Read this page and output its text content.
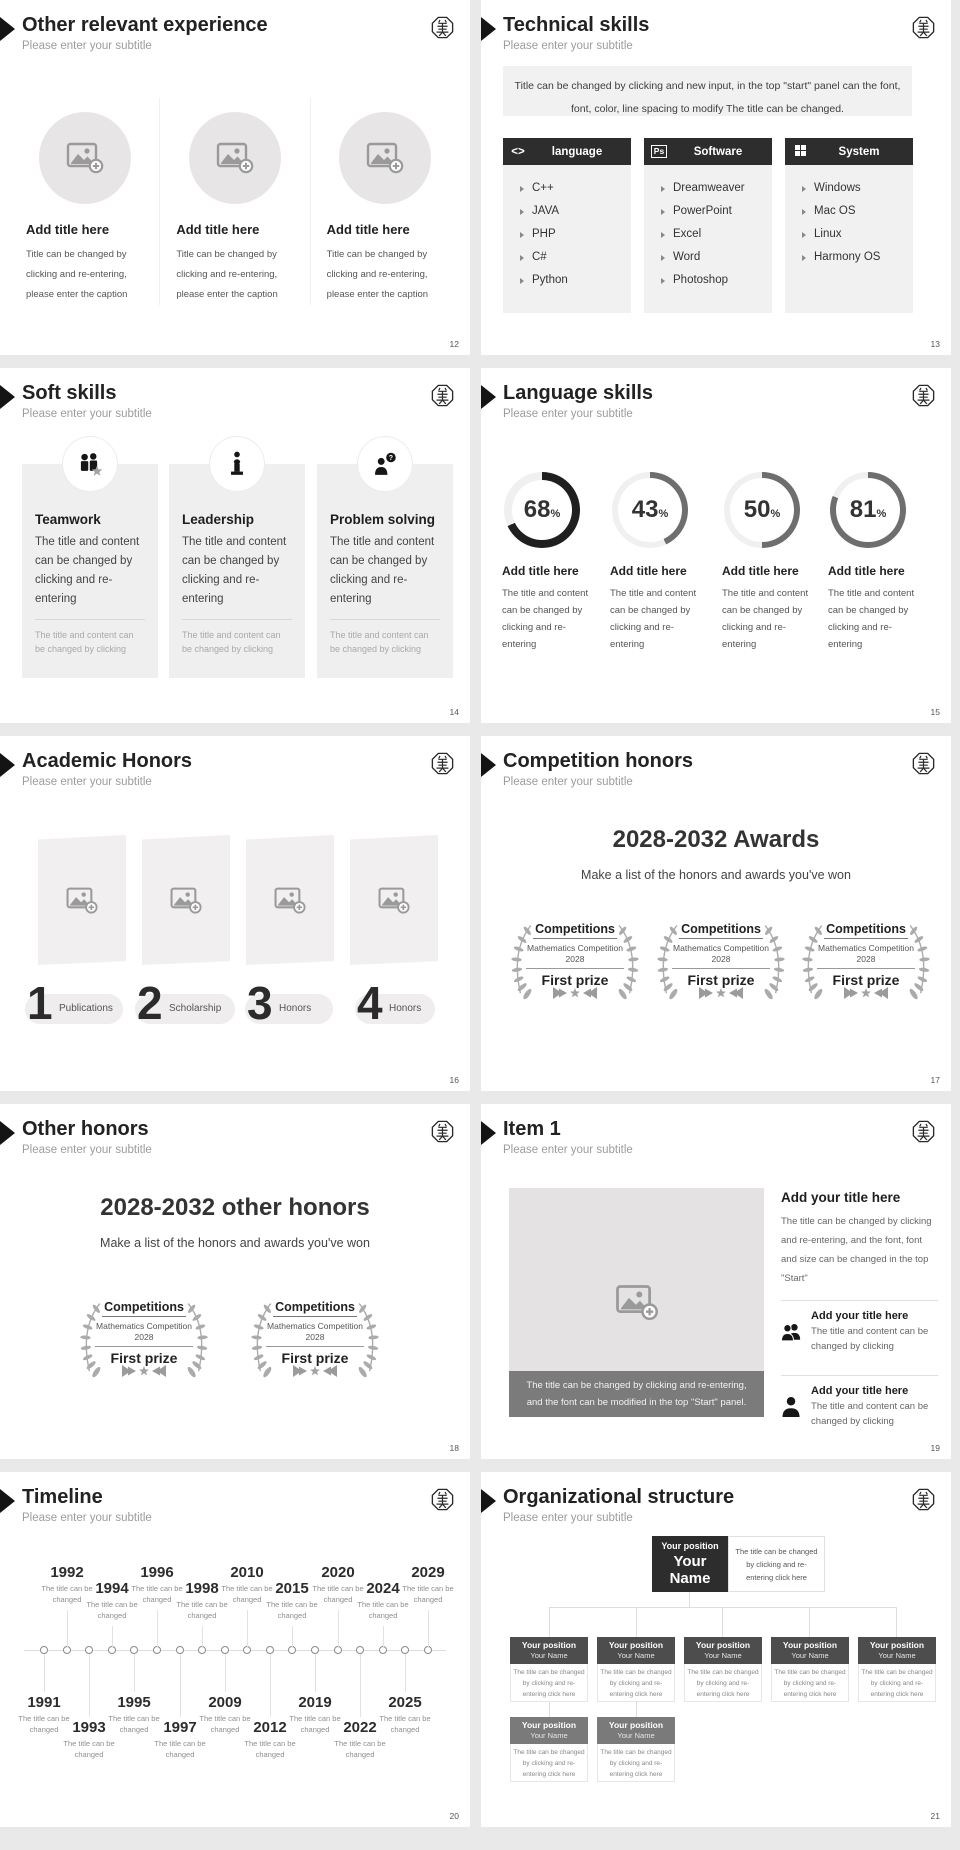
Other relevant experience
Please enter your subtitle
Add title here
Title can be changed by clicking and re-entering, please enter the caption
Add title here
Title can be changed by clicking and re-entering, please enter the caption
Add title here
Title can be changed by clicking and re-entering, please enter the caption
12
Technical skills
Please enter your subtitle
Title can be changed by clicking and new input, in the top "start" panel can the font, font, color, line spacing to modify The title can be changed.
<>	language
C++
JAVA
PHP
C#
Python
Ps	Software
Dreamweaver
PowerPoint
Excel
Word
Photoshop
System
Windows
Mac OS
Linux
Harmony OS
13
Soft skills
Please enter your subtitle
Teamwork
The title and content can be changed by clicking and re-entering
The title and content can be changed by clicking
Leadership
The title and content can be changed by clicking and re-entering
The title and content can be changed by clicking
?
Problem solving
The title and content can be changed by clicking and re-entering
The title and content can be changed by clicking
14
Language skills
Please enter your subtitle
68 %
Add title here
The title and content can be changed by clicking and re-entering
43 %
Add title here
The title and content can be changed by clicking and re-entering
50 %
Add title here
The title and content can be changed by clicking and re-entering
81 %
Add title here
The title and content can be changed by clicking and re-entering
15
Academic Honors
Please enter your subtitle
1 Publications 2 Scholarship 3 Honors 4 Honors
16
Competition honors
Please enter your subtitle
2028-2032 Awards
Make a list of the honors and awards you've won
Competitions
Mathematics Competition 2028
First prize
Competitions
Mathematics Competition 2028
First prize
Competitions
Mathematics Competition 2028
First prize
17
Other honors
Please enter your subtitle
2028-2032 other honors
Make a list of the honors and awards you've won
Competitions
Mathematics Competition 2028
First prize
Competitions
Mathematics Competition 2028
First prize
18
Item 1
Please enter your subtitle
The title can be changed by clicking and re-entering, and the font can be modified in the top "Start" panel.
Add your title here
The title can be changed by clicking and re-entering, and the font, font and size can be changed in the top "Start"
Add your title here
The title and content can be changed by clicking
Add your title here
The title and content can be changed by clicking
19
Timeline
Please enter your subtitle
1991
The title can be changed
1992
The title can be changed
1993
The title can be changed
1994
The title can be changed
1995
The title can be changed
1996
The title can be changed
1997
The title can be changed
1998
The title can be changed
2009
The title can be changed
2010
The title can be changed
2012
The title can be changed
2015
The title can be changed
2019
The title can be changed
2020
The title can be changed
2022
The title can be changed
2024
The title can be changed
2025
The title can be changed
2029
The title can be changed
20
Organizational structure
Please enter your subtitle
Your position
Your Name
The title can be changed by clicking and re-entering click here
Your position
Your Name
The title can be changed by clicking and re-entering click here
Your position
Your Name
The title can be changed by clicking and re-entering click here
Your position
Your Name
The title can be changed by clicking and re-entering click here
Your position
Your Name
The title can be changed by clicking and re-entering click here
Your position
Your Name
The title can be changed by clicking and re-entering click here
Your position
Your Name
The title can be changed by clicking and re-entering click here
Your position
Your Name
The title can be changed by clicking and re-entering click here
21
